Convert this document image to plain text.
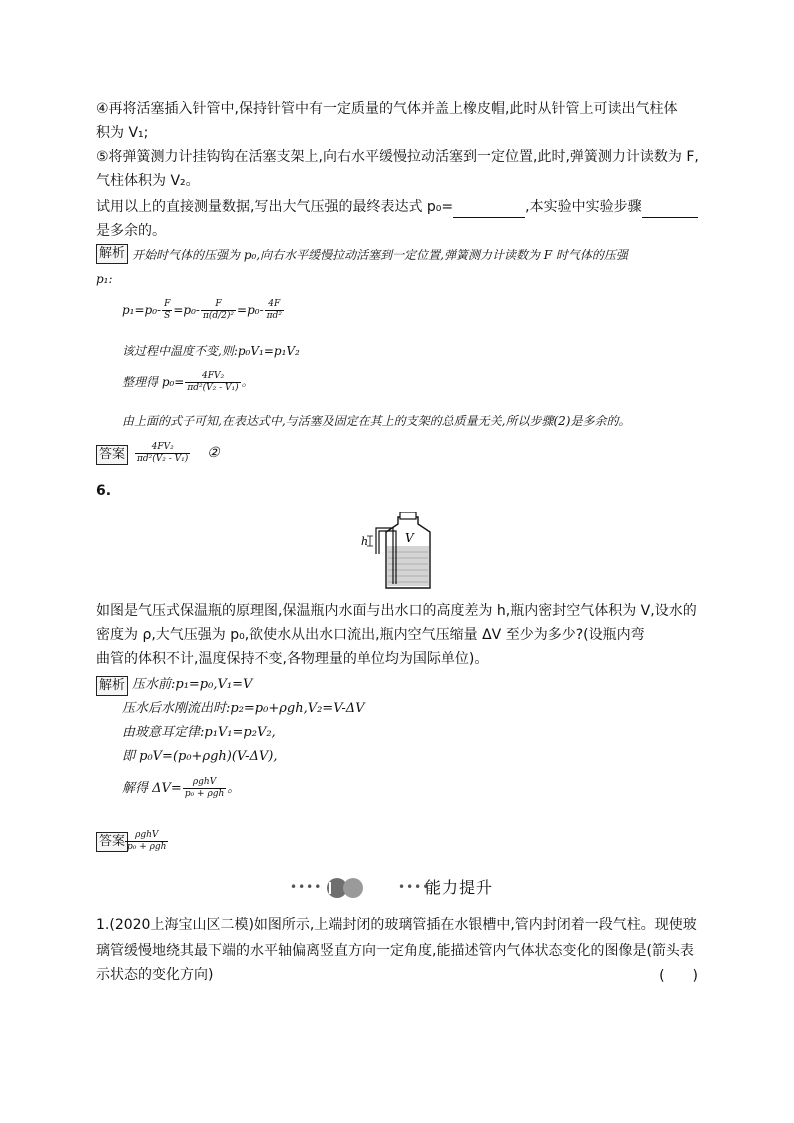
④再将活塞插入针管中,保持针管中有一定质量的气体并盖上橡皮帽,此时从针管上可读出气柱体
积为 V₁;
⑤将弹簧测力计挂钩钩在活塞支架上,向右水平缓慢拉动活塞到一定位置,此时,弹簧测力计读数为 F,
气柱体积为 V₂。
试用以上的直接测量数据,写出大气压强的最终表达式 p₀=	,本实验中实验步骤
是多余的。
解析 开始时气体的压强为 p₀,向右水平缓慢拉动活塞到一定位置,弹簧测力计读数为 F 时气体的压强
p₁:
$p_1=p_0- \frac{F}{S} =p_0- \frac{F}{\text{π(d/2)²}} =p_0- \frac{4F}{\text{πd²}}$
该过程中温度不变,则:p₀V₁=p₁V₂
整理得 $p_0= \frac{\text{4FV₂}}{\text{πd²(V₂ - V₁)}}$ 。
由上面的式子可知,在表达式中,与活塞及固定在其上的支架的总质量无关,所以步骤(2)是多余的。
答案	$\frac{\text{4FV₂}}{\text{πd²(V₂ - V₁)}}$ ②
6.
h	V
如图是气压式保温瓶的原理图,保温瓶内水面与出水口的高度差为 h,瓶内密封空气体积为 V,设水的
密度为 ρ,大气压强为 p₀,欲使水从出水口流出,瓶内空气压缩量 ΔV 至少为多少?(设瓶内弯
曲管的体积不计,温度保持不变,各物理量的单位均为国际单位)。
解析 压水前:p₁=p₀,V₁=V
压水后水刚流出时:p₂=p₀+ρgh,V₂=V-ΔV
由玻意耳定律:p₁V₁=p₂V₂,
即 p₀V=(p₀+ρgh)(V-ΔV),
解得 $\Delta V= \frac{\text{ρghV}}{\text{p₀ + ρgh}}$ 。
答案 $\frac{\text{ρghV}}{\text{p₀ + ρgh}}$
••••	••••
能力提升
1.(2020上海宝山区二模)如图所示,上端封闭的玻璃管插在水银槽中,管内封闭着一段气柱。现使玻
璃管缓慢地绕其最下端的水平轴偏离竖直方向一定角度,能描述管内气体状态变化的图像是(箭头表
示状态的变化方向)	(　　)
